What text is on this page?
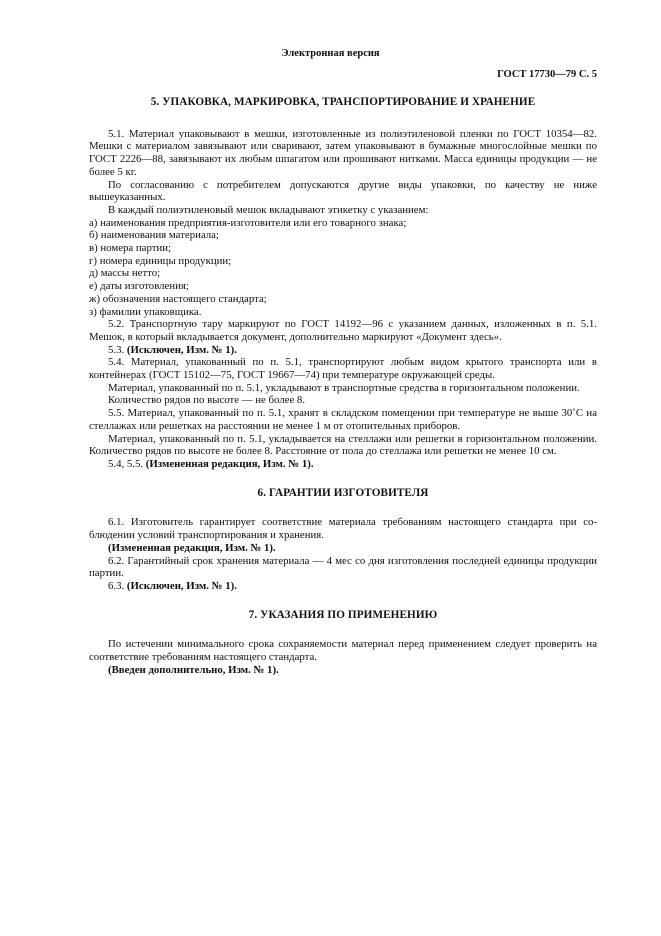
Электронная версия
ГОСТ 17730—79 С. 5
5. УПАКОВКА, МАРКИРОВКА, ТРАНСПОРТИРОВАНИЕ И ХРАНЕНИЕ

5.1. Материал упаковывают в мешки, изготовленные из полиэтиленовой пленки по ГОСТ 10354—82. Мешки с материалом завязывают или сваривают, затем упаковывают в бумажные многослойные мешки по ГОСТ 2226—88, завязывают их любым шпагатом или прошивают нитками. Масса единицы продукции — не более 5 кг.

По согласованию с потребителем допускаются другие виды упаковки, по качеству не ниже вышеуказанных.

В каждый полиэтиленовый мешок вкладывают этикетку с указанием:

а) наименования предприятия-изготовителя или его товарного знака;

б) наименования материала;

в) номера партии;

г) номера единицы продукции;

д) массы нетто;

е) даты изготовления;

ж) обозначения настоящего стандарта;

з) фамилии упаковщика.

5.2. Транспортную тару маркируют по ГОСТ 14192—96 с указанием данных, изложенных в п. 5.1. Мешок, в который вкладывается документ, дополнительно маркируют «Документ здесь».

5.3. (Исключен, Изм. № 1).

5.4. Материал, упакованный по п. 5.1, транспортируют любым видом крытого транспорта или в контейнерах (ГОСТ 15102—75, ГОСТ 19667—74) при температуре окружающей среды.

Материал, упакованный по п. 5.1, укладывают в транспортные средства в горизонтальном положении.

Количество рядов по высоте — не более 8.

5.5. Материал, упакованный по п. 5.1, хранят в складском помещении при температуре не выше 30˚С на стеллажах или решетках на расстоянии не менее 1 м от отопительных приборов.

Материал, упакованный по п. 5.1, укладывается на стеллажи или решетки в горизонтальном положении. Количество рядов по высоте не более 8. Расстояние от пола до стеллажа или решетки не менее 10 см.

5.4, 5.5. (Измененная редакция, Изм. № 1).

6. ГАРАНТИИ ИЗГОТОВИТЕЛЯ

6.1. Изготовитель гарантирует соответствие материала требованиям настоящего стандарта при соблюдении условий транспортирования и хранения.

(Измененная редакция, Изм. № 1).

6.2. Гарантийный срок хранения материала — 4 мес со дня изготовления последней единицы продукции партии.

6.3. (Исключен, Изм. № 1).

7. УКАЗАНИЯ ПО ПРИМЕНЕНИЮ

По истечении минимального срока сохраняемости материал перед применением следует проверить на соответствие требованиям настоящего стандарта.

(Введен дополнительно, Изм. № 1).
